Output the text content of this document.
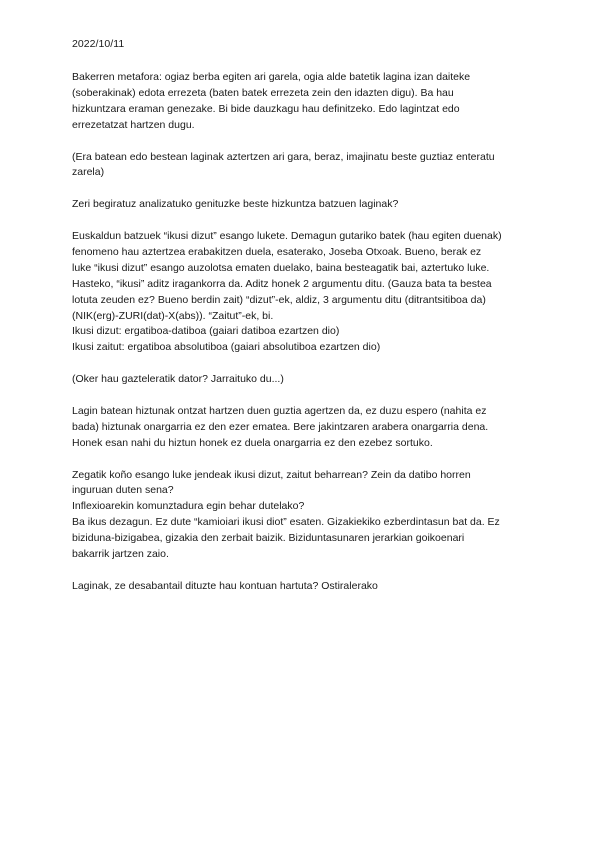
2022/10/11
Bakerren metafora: ogiaz berba egiten ari garela, ogia alde batetik lagina izan daiteke
(soberakinak) edota errezeta (baten batek errezeta zein den idazten digu). Ba hau
hizkuntzara eraman genezake. Bi bide dauzkagu hau definitzeko. Edo lagintzat edo
errezetatzat hartzen dugu.
(Era batean edo bestean laginak aztertzen ari gara, beraz, imajinatu beste guztiaz enteratu
zarela)
Zeri begiratuz analizatuko genituzke beste hizkuntza batzuen laginak?
Euskaldun batzuek “ikusi dizut” esango lukete. Demagun gutariko batek (hau egiten duenak)
fenomeno hau aztertzea erabakitzen duela, esaterako, Joseba Otxoak. Bueno, berak ez
luke “ikusi dizut” esango auzolotsa ematen duelako, baina besteagatik bai, aztertuko luke.
Hasteko, “ikusi” aditz iragankorra da. Aditz honek 2 argumentu ditu. (Gauza bata ta bestea
lotuta zeuden ez? Bueno berdin zait) “dizut”-ek, aldiz, 3 argumentu ditu (ditrantsitiboa da)
(NIK(erg)-ZURI(dat)-X(abs)). “Zaitut”-ek, bi.
Ikusi dizut: ergatiboa-datiboa (gaiari datiboa ezartzen dio)
Ikusi zaitut: ergatiboa absolutiboa (gaiari absolutiboa ezartzen dio)
(Oker hau gazteleratik dator? Jarraituko du...)
Lagin batean hiztunak ontzat hartzen duen guztia agertzen da, ez duzu espero (nahita ez
bada) hiztunak onargarria ez den ezer ematea. Bere jakintzaren arabera onargarria dena.
Honek esan nahi du hiztun honek ez duela onargarria ez den ezebez sortuko.
Zegatik koño esango luke jendeak ikusi dizut, zaitut beharrean? Zein da datibo horren
inguruan duten sena?
Inflexioarekin komunztadura egin behar dutelako?
Ba ikus dezagun. Ez dute “kamioiari ikusi diot” esaten. Gizakiekiko ezberdintasun bat da. Ez
biziduna-bizigabea, gizakia den zerbait baizik. Biziduntasunaren jerarkian goikoenari
bakarrik jartzen zaio.
Laginak, ze desabantail dituzte hau kontuan hartuta? Ostiralerako
